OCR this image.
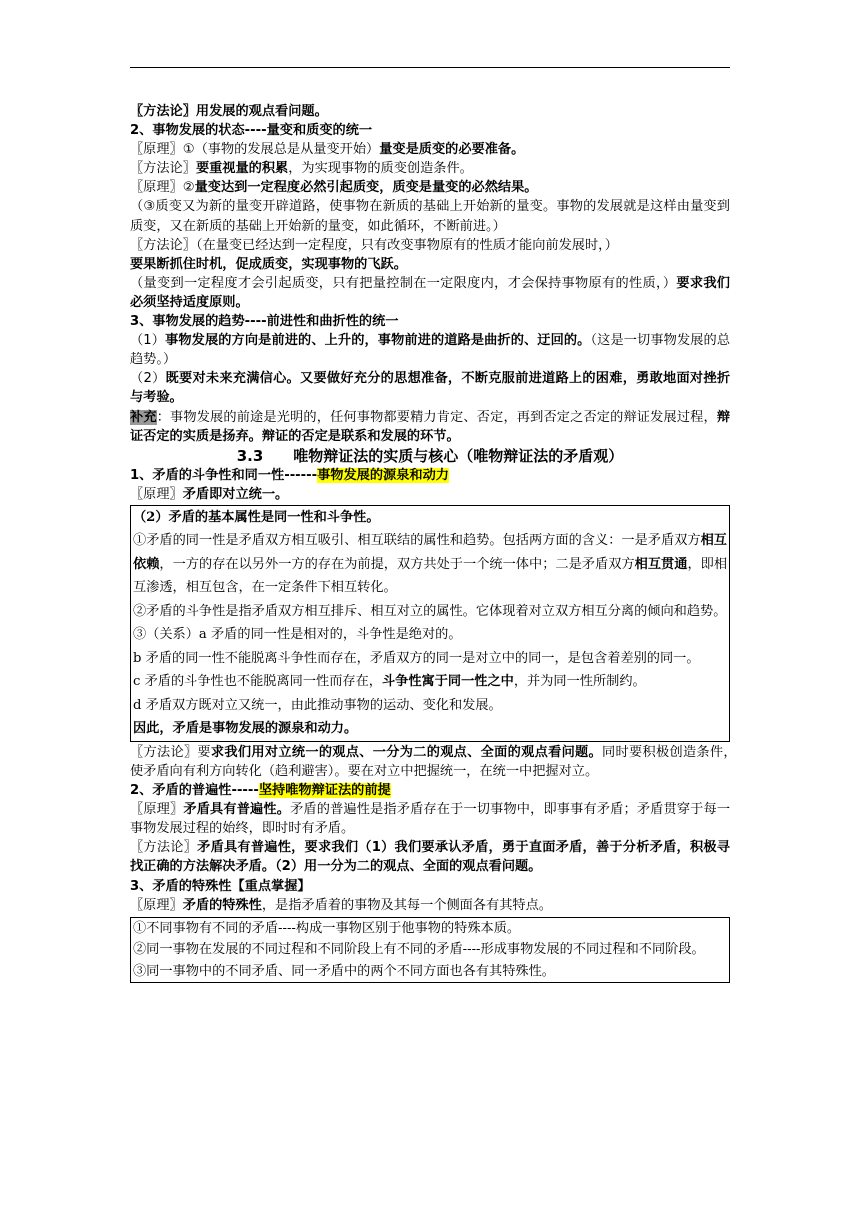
〖方法论〗用发展的观点看问题。
2、事物发展的状态----量变和质变的统一
〖原理〗①（事物的发展总是从量变开始）量变是质变的必要准备。
〖方法论〗要重视量的积累，为实现事物的质变创造条件。
〖原理〗②量变达到一定程度必然引起质变，质变是量变的必然结果。
（③质变又为新的量变开辟道路，使事物在新质的基础上开始新的量变。事物的发展就是这样由量变到质变，又在新质的基础上开始新的量变，如此循环，不断前进。）
〖方法论〗（在量变已经达到一定程度，只有改变事物原有的性质才能向前发展时，）
要果断抓住时机，促成质变，实现事物的飞跃。
（量变到一定程度才会引起质变，只有把量控制在一定限度内，才会保持事物原有的性质，）要求我们必须坚持适度原则。
3、事物发展的趋势----前进性和曲折性的统一
（1）事物发展的方向是前进的、上升的，事物前进的道路是曲折的、迂回的。（这是一切事物发展的总趋势。）
（2）既要对未来充满信心。又要做好充分的思想准备，不断克服前进道路上的困难，勇敢地面对挫折与考验。
补充：事物发展的前途是光明的，任何事物都要精力肯定、否定，再到否定之否定的辩证发展过程，辩证否定的实质是扬弃。辩证的否定是联系和发展的环节。
3.3　　唯物辩证法的实质与核心（唯物辩证法的矛盾观）
1、矛盾的斗争性和同一性------事物发展的源泉和动力
〖原理〗矛盾即对立统一。
（2）矛盾的基本属性是同一性和斗争性。
①矛盾的同一性是矛盾双方相互吸引、相互联结的属性和趋势。包括两方面的含义：一是矛盾双方相互依赖，一方的存在以另外一方的存在为前提，双方共处于一个统一体中；二是矛盾双方相互贯通，即相互渗透，相互包含，在一定条件下相互转化。
②矛盾的斗争性是指矛盾双方相互排斥、相互对立的属性。它体现着对立双方相互分离的倾向和趋势。
③（关系）a 矛盾的同一性是相对的，斗争性是绝对的。
b 矛盾的同一性不能脱离斗争性而存在，矛盾双方的同一是对立中的同一，是包含着差别的同一。
c 矛盾的斗争性也不能脱离同一性而存在，斗争性寓于同一性之中，并为同一性所制约。
d 矛盾双方既对立又统一，由此推动事物的运动、变化和发展。
因此，矛盾是事物发展的源泉和动力。
〖方法论〗要求我们用对立统一的观点、一分为二的观点、全面的观点看问题。同时要积极创造条件，　使矛盾向有利方向转化（趋利避害）。要在对立中把握统一，在统一中把握对立。
2、矛盾的普遍性-----坚持唯物辩证法的前提
〖原理〗矛盾具有普遍性。矛盾的普遍性是指矛盾存在于一切事物中，即事事有矛盾；矛盾贯穿于每一事物发展过程的始终，即时时有矛盾。
〖方法论〗矛盾具有普遍性，要求我们（1）我们要承认矛盾，勇于直面矛盾，善于分析矛盾，积极寻找正确的方法解决矛盾。（2）用一分为二的观点、全面的观点看问题。
3、矛盾的特殊性【重点掌握】
〖原理〗矛盾的特殊性，是指矛盾着的事物及其每一个侧面各有其特点。
①不同事物有不同的矛盾----构成一事物区别于他事物的特殊本质。
②同一事物在发展的不同过程和不同阶段上有不同的矛盾----形成事物发展的不同过程和不同阶段。
③同一事物中的不同矛盾、同一矛盾中的两个不同方面也各有其特殊性。
